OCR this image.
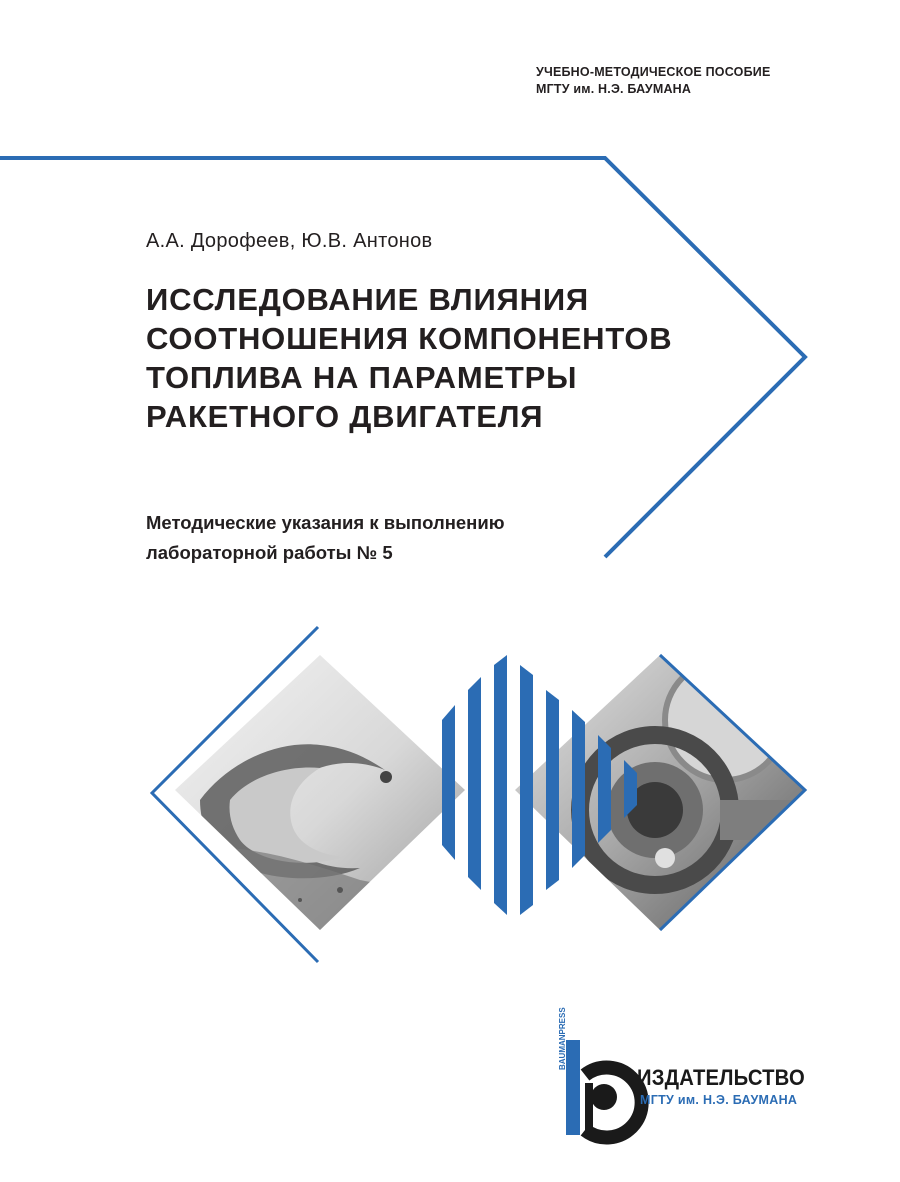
УЧЕБНО-МЕТОДИЧЕСКОЕ ПОСОБИЕ
МГТУ им. Н.Э. БАУМАНА
А.А. Дорофеев, Ю.В. Антонов
ИССЛЕДОВАНИЕ ВЛИЯНИЯ
СООТНОШЕНИЯ КОМПОНЕНТОВ
ТОПЛИВА НА ПАРАМЕТРЫ
РАКЕТНОГО ДВИГАТЕЛЯ
Методические указания к выполнению
лабораторной работы № 5
BAUMANPRESS
ИЗДАТЕЛЬСТВО
МГТУ им. Н.Э. БАУМАНА
